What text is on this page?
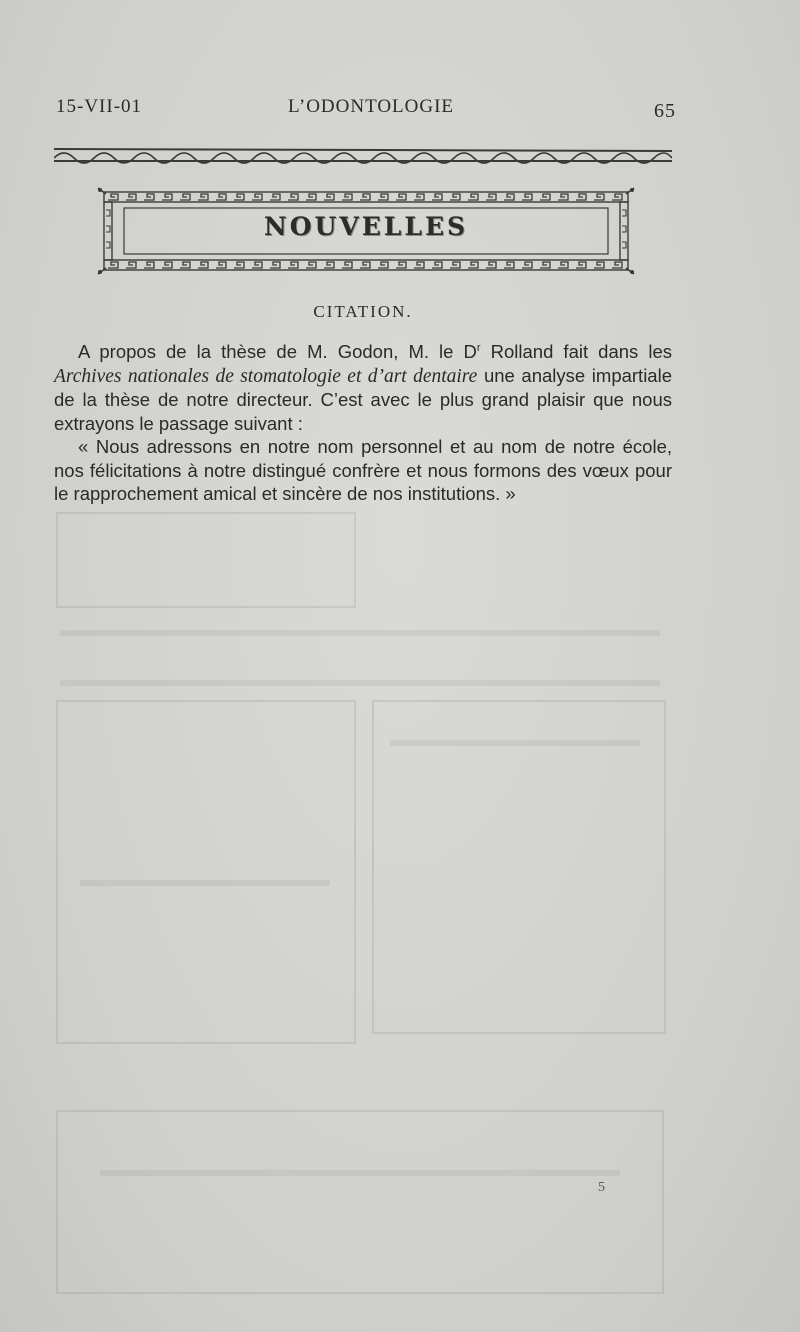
15-VII-01	L’ODONTOLOGIE	65
NOUVELLES
CITATION.

A propos de la thèse de M. Godon, M. le $D^r$ Rolland fait dans les Archives nationales de stomatologie et d’art dentaire une analyse impartiale de la thèse de notre directeur. C’est avec le plus grand plaisir que nous extrayons le passage suivant :

« Nous adressons en notre nom personnel et au nom de notre école, nos félicitations à notre distingué confrère et nous formons des vœux pour le rapprochement amical et sincère de nos institutions. »

5
